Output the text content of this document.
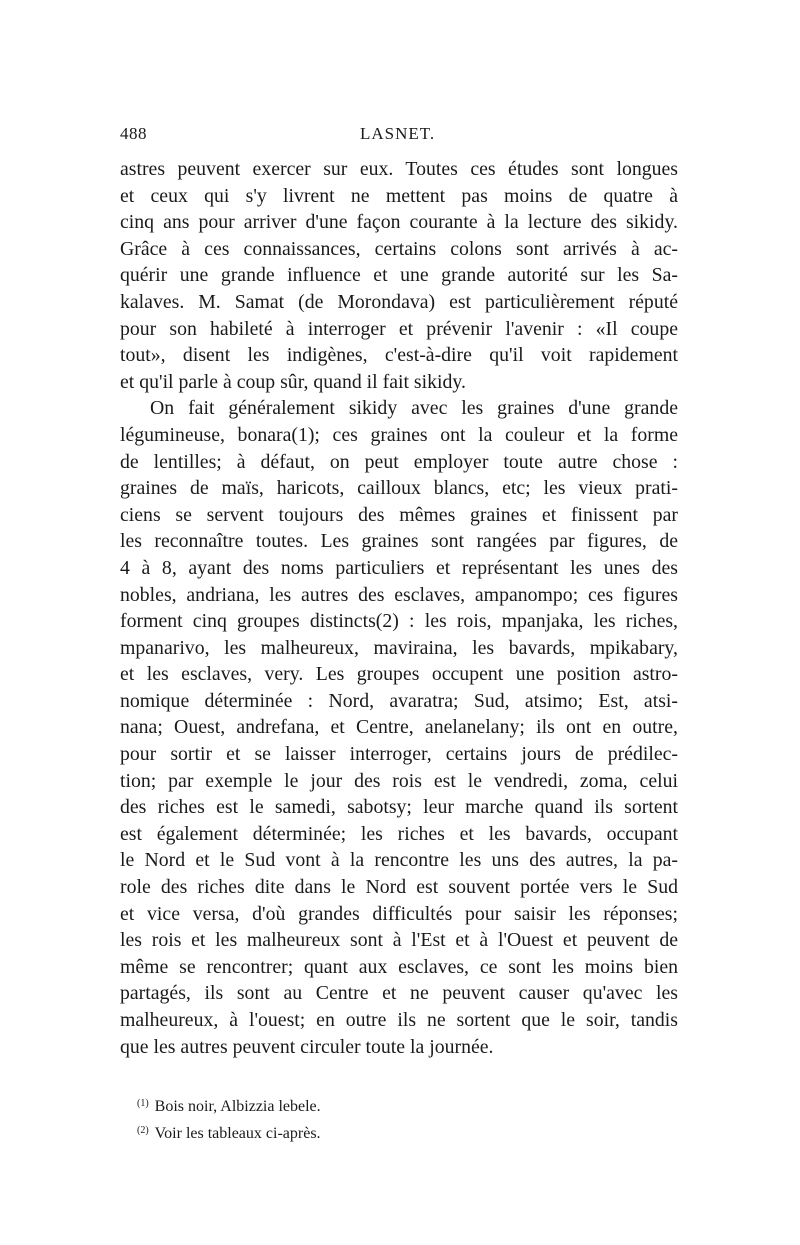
488	LASNET.
astres peuvent exercer sur eux. Toutes ces études sont longues
et ceux qui s'y livrent ne mettent pas moins de quatre à
cinq ans pour arriver d'une façon courante à la lecture des sikidy.
Grâce à ces connaissances, certains colons sont arrivés à ac-
quérir une grande influence et une grande autorité sur les Sa-
kalaves. M. Samat (de Morondava) est particulièrement réputé
pour son habileté à interroger et prévenir l'avenir : «Il coupe
tout», disent les indigènes, c'est-à-dire qu'il voit rapidement
et qu'il parle à coup sûr, quand il fait sikidy.
On fait généralement sikidy avec les graines d'une grande
légumineuse, bonara(1); ces graines ont la couleur et la forme
de lentilles; à défaut, on peut employer toute autre chose :
graines de maïs, haricots, cailloux blancs, etc; les vieux prati-
ciens se servent toujours des mêmes graines et finissent par
les reconnaître toutes. Les graines sont rangées par figures, de
4 à 8, ayant des noms particuliers et représentant les unes des
nobles, andriana, les autres des esclaves, ampanompo; ces figures
forment cinq groupes distincts(2) : les rois, mpanjaka, les riches,
mpanarivo, les malheureux, maviraina, les bavards, mpikabary,
et les esclaves, very. Les groupes occupent une position astro-
nomique déterminée : Nord, avaratra; Sud, atsimo; Est, atsi-
nana; Ouest, andrefana, et Centre, anelanelany; ils ont en outre,
pour sortir et se laisser interroger, certains jours de prédilec-
tion; par exemple le jour des rois est le vendredi, zoma, celui
des riches est le samedi, sabotsy; leur marche quand ils sortent
est également déterminée; les riches et les bavards, occupant
le Nord et le Sud vont à la rencontre les uns des autres, la pa-
role des riches dite dans le Nord est souvent portée vers le Sud
et vice versa, d'où grandes difficultés pour saisir les réponses;
les rois et les malheureux sont à l'Est et à l'Ouest et peuvent de
même se rencontrer; quant aux esclaves, ce sont les moins bien
partagés, ils sont au Centre et ne peuvent causer qu'avec les
malheureux, à l'ouest; en outre ils ne sortent que le soir, tandis
que les autres peuvent circuler toute la journée.
$^{(1)}$ Bois noir, Albizzia lebele.
$^{(2)}$ Voir les tableaux ci-après.
